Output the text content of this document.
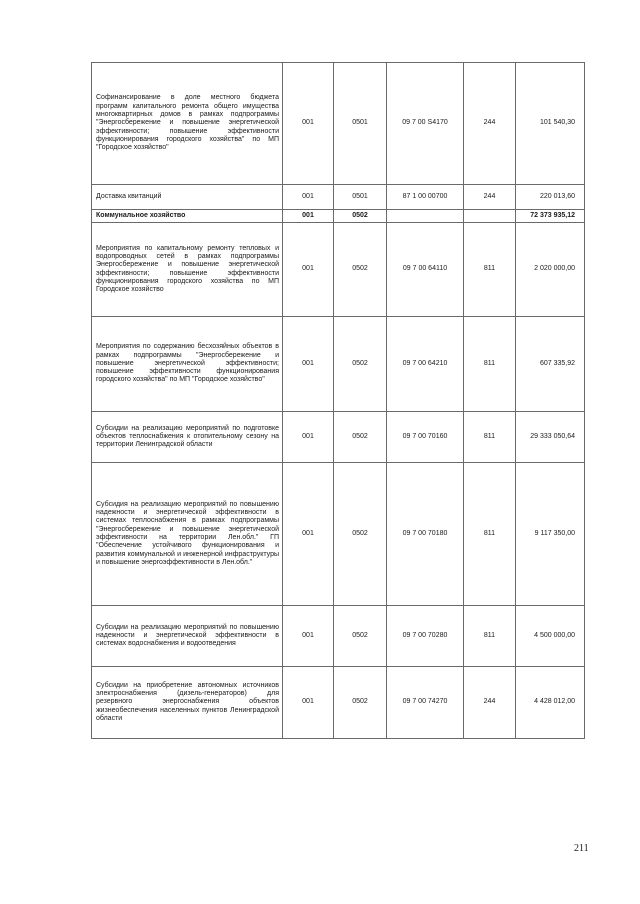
Софинансирование в доле местного бюджета программ капитального ремонта общего имущества многоквартирных домов в рамках подпрограммы "Энергосбережение и повышение энергетической эффективности; повышение эффективности функционирования городского хозяйства" по МП "Городское хозяйство"	001	0501	09 7 00 S4170	244	101 540,30
Доставка квитанций	001	0501	87 1 00 00700	244	220 013,60
Коммунальное хозяйство	001	0502			72 373 935,12
Мероприятия по капитальному ремонту тепловых и водопроводных сетей в рамках подпрограммы Энергосбережение и повышение энергетической эффективности; повышение эффективности функционирования городского хозяйства по МП Городское хозяйство	001	0502	09 7 00 64110	811	2 020 000,00
Мероприятия по содержанию бесхозяйных объектов в рамках подпрограммы "Энергосбережение и повышение энергетической эффективности; повышение эффективности функционирования городского хозяйства" по МП "Городское хозяйство"	001	0502	09 7 00 64210	811	607 335,92
Субсидии на реализацию мероприятий по подготовке объектов теплоснабжения к отопительному сезону на территории Ленинградской области	001	0502	09 7 00 70160	811	29 333 050,64
Субсидия на реализацию мероприятий по повышению надежности и энергетической эффективности в системах теплоснабжения в рамках подпрограммы "Энергосбережение и повышение энергетической эффективности на территории Лен.обл." ГП "Обеспечение устойчивого функционирования и развития коммунальной и инженерной инфраструктуры и повышение энергоэффективности в Лен.обл."	001	0502	09 7 00 70180	811	9 117 350,00
Субсидии на реализацию мероприятий по повышению надежности и энергетической эффективности в системах водоснабжения и водоотведения	001	0502	09 7 00 70280	811	4 500 000,00
Субсидии на приобретение автономных источников электроснабжения (дизель-генераторов) для резервного энергоснабжения объектов жизнеобеспечения населенных пунктов Ленинградской области	001	0502	09 7 00 74270	244	4 428 012,00
211
